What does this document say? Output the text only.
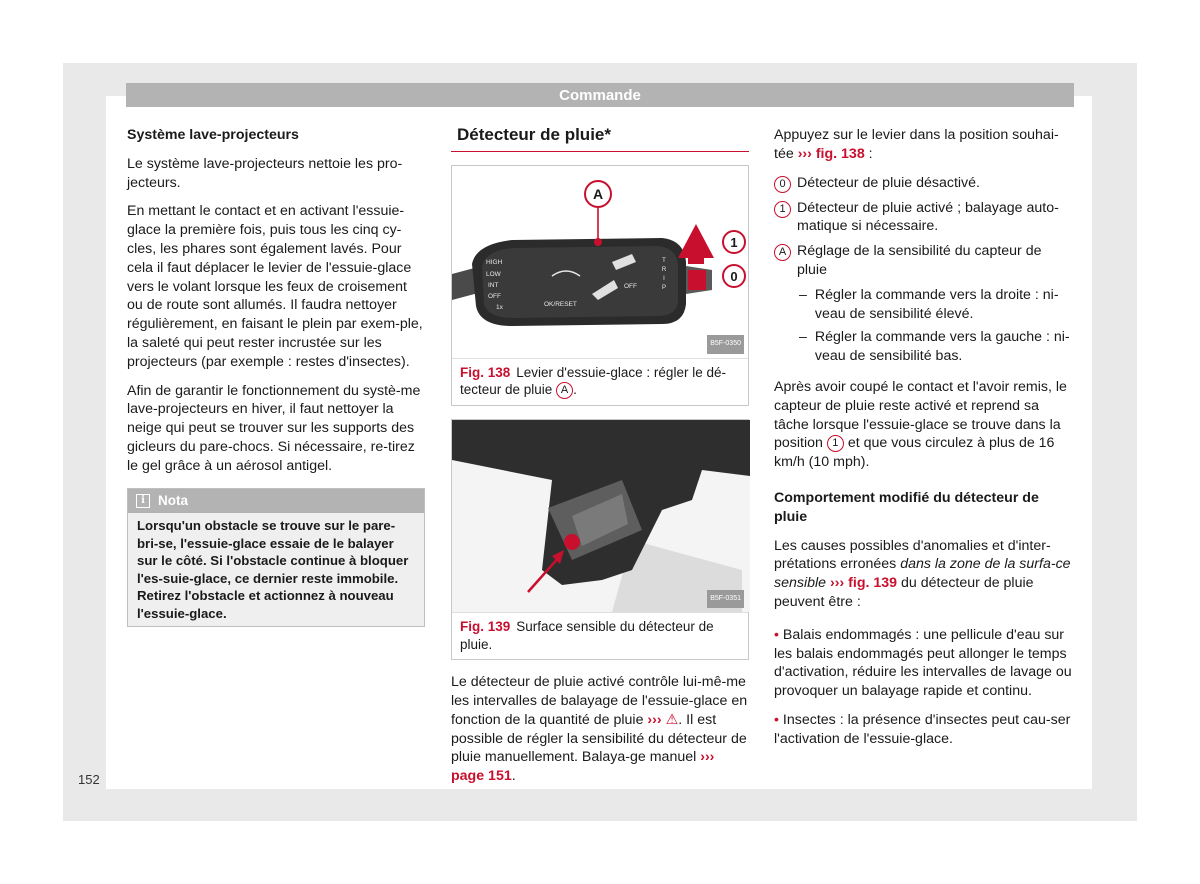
Commande

Système lave-projecteurs

Le système lave-projecteurs nettoie les pro-jecteurs.

En mettant le contact et en activant l'essuie-glace la première fois, puis tous les cinq cy-cles, les phares sont également lavés. Pour cela il faut déplacer le levier de l'essuie-glace vers le volant lorsque les feux de croisement ou de route sont allumés. Il faudra nettoyer régulièrement, en faisant le plein par exem-ple, la saleté qui peut rester incrustée sur les projecteurs (par exemple : restes d'insectes).

Afin de garantir le fonctionnement du systè-me lave-projecteurs en hiver, il faut nettoyer la neige qui peut se trouver sur les supports des gicleurs du pare-chocs. Si nécessaire, re-tirez le gel grâce à un aérosol antigel.

i Nota
Lorsqu'un obstacle se trouve sur le pare-bri-se, l'essuie-glace essaie de le balayer sur le côté. Si l'obstacle continue à bloquer l'es-suie-glace, ce dernier reste immobile. Retirez l'obstacle et actionnez à nouveau l'essuie-glace.
Détecteur de pluie*
HIGH
LOW
INT
OFF
1x	OK/RESET
OFF
T
R
I
P
A
1
0
B5F-0350
Fig. 138 Levier d'essuie-glace : régler le dé-tecteur de pluie A .
B5F-0351
Fig. 139 Surface sensible du détecteur de pluie.

Le détecteur de pluie activé contrôle lui-mê-me les intervalles de balayage de l'essuie-glace en fonction de la quantité de pluie ››› ⚠. Il est possible de régler la sensibilité du détecteur de pluie manuellement. Balaya-ge manuel ››› page 151.

Appuyez sur le levier dans la position souhai-tée ››› fig. 138 :

0 Détecteur de pluie désactivé.
1 Détecteur de pluie activé ; balayage auto-matique si nécessaire.
A Réglage de la sensibilité du capteur de pluie
– Régler la commande vers la droite : ni-veau de sensibilité élevé.
– Régler la commande vers la gauche : ni-veau de sensibilité bas.

Après avoir coupé le contact et l'avoir remis, le capteur de pluie reste activé et reprend sa tâche lorsque l'essuie-glace se trouve dans la position 1 et que vous circulez à plus de 16 km/h (10 mph).

Comportement modifié du détecteur de pluie

Les causes possibles d'anomalies et d'inter-prétations erronées dans la zone de la surfa-ce sensible ››› fig. 139 du détecteur de pluie peuvent être :

• Balais endommagés : une pellicule d'eau sur les balais endommagés peut allonger le temps d'activation, réduire les intervalles de lavage ou provoquer un balayage rapide et continu.

• Insectes : la présence d'insectes peut cau-ser l'activation de l'essuie-glace.

152
